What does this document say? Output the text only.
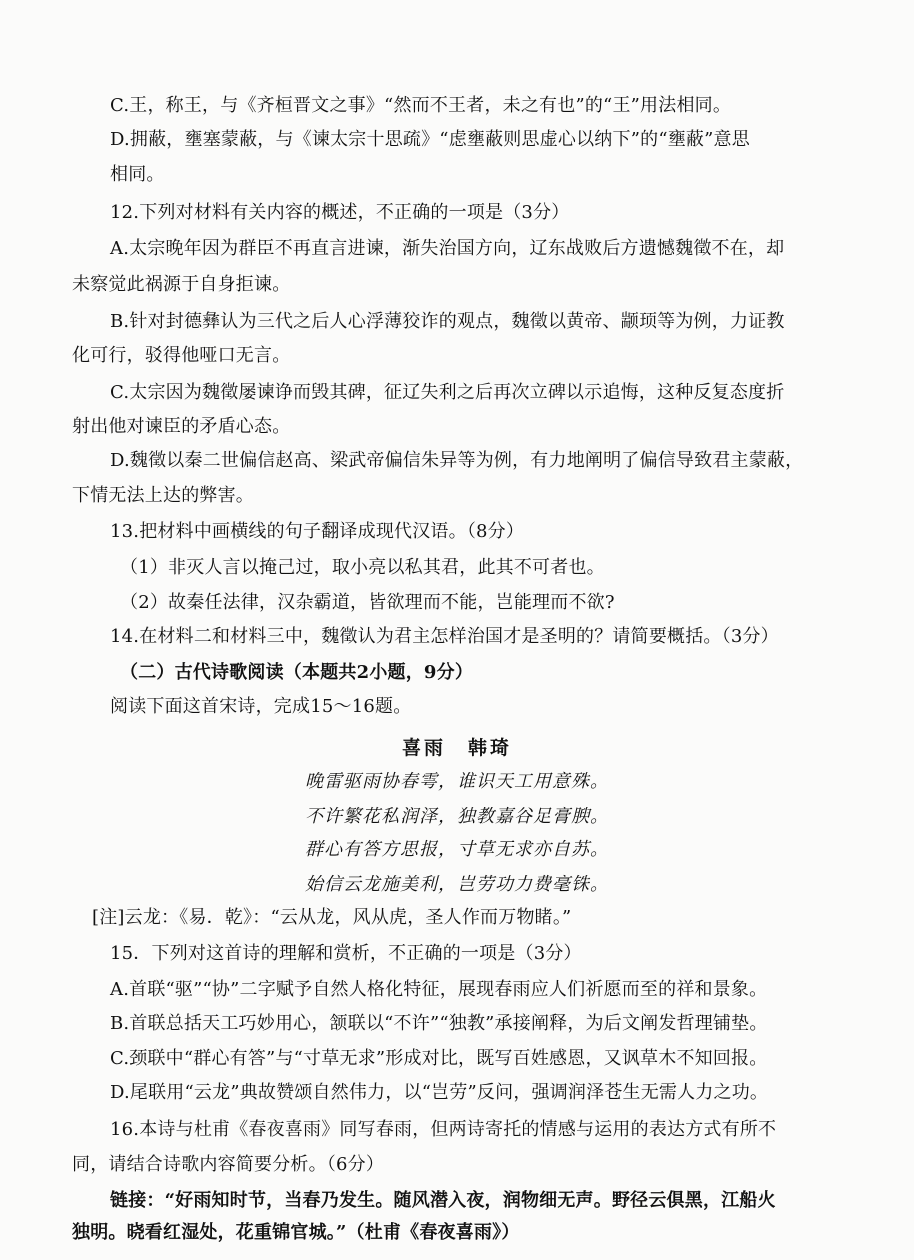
C.王，称王，与《齐桓晋文之事》“然而不王者，未之有也”的“王”用法相同。
D.拥蔽，壅塞蒙蔽，与《谏太宗十思疏》“虑壅蔽则思虚心以纳下”的“壅蔽”意思
相同。
12.下列对材料有关内容的概述，不正确的一项是（3分）
A.太宗晚年因为群臣不再直言进谏，渐失治国方向，辽东战败后方遗憾魏徵不在，却
未察觉此祸源于自身拒谏。
B.针对封德彝认为三代之后人心浮薄狡诈的观点，魏徵以黄帝、颛顼等为例，力证教
化可行，驳得他哑口无言。
C.太宗因为魏徵屡谏诤而毁其碑，征辽失利之后再次立碑以示追悔，这种反复态度折
射出他对谏臣的矛盾心态。
D.魏徵以秦二世偏信赵高、梁武帝偏信朱异等为例，有力地阐明了偏信导致君主蒙蔽，
下情无法上达的弊害。
13.把材料中画横线的句子翻译成现代汉语。（8分）
（1）非灭人言以掩己过，取小亮以私其君，此其不可者也。
（2）故秦任法律，汉杂霸道，皆欲理而不能，岂能理而不欲?
14.在材料二和材料三中，魏徵认为君主怎样治国才是圣明的？请简要概括。（3分）
（二）古代诗歌阅读（本题共2小题，9分）
阅读下面这首宋诗，完成15～16题。
喜雨 韩琦
晚雷驱雨协春雩，谁识天工用意殊。
不许繁花私润泽，独教嘉谷足膏腴。
群心有答方思报，寸草无求亦自苏。
始信云龙施美利，岂劳功力费毫铢。
[注]云龙：《易．乾》：“云从龙，风从虎，圣人作而万物睹。”
15．下列对这首诗的理解和赏析，不正确的一项是（3分）
A.首联“驱”“协”二字赋予自然人格化特征，展现春雨应人们祈愿而至的祥和景象。
B.首联总括天工巧妙用心，颔联以“不许”“独教”承接阐释，为后文阐发哲理铺垫。
C.颈联中“群心有答”与“寸草无求”形成对比，既写百姓感恩，又讽草木不知回报。
D.尾联用“云龙”典故赞颂自然伟力，以“岂劳”反问，强调润泽苍生无需人力之功。
16.本诗与杜甫《春夜喜雨》同写春雨，但两诗寄托的情感与运用的表达方式有所不
同，请结合诗歌内容简要分析。（6分）
链接：“好雨知时节，当春乃发生。随风潜入夜，润物细无声。野径云俱黑，江船火
独明。晓看红湿处，花重锦官城。”（杜甫《春夜喜雨》）
